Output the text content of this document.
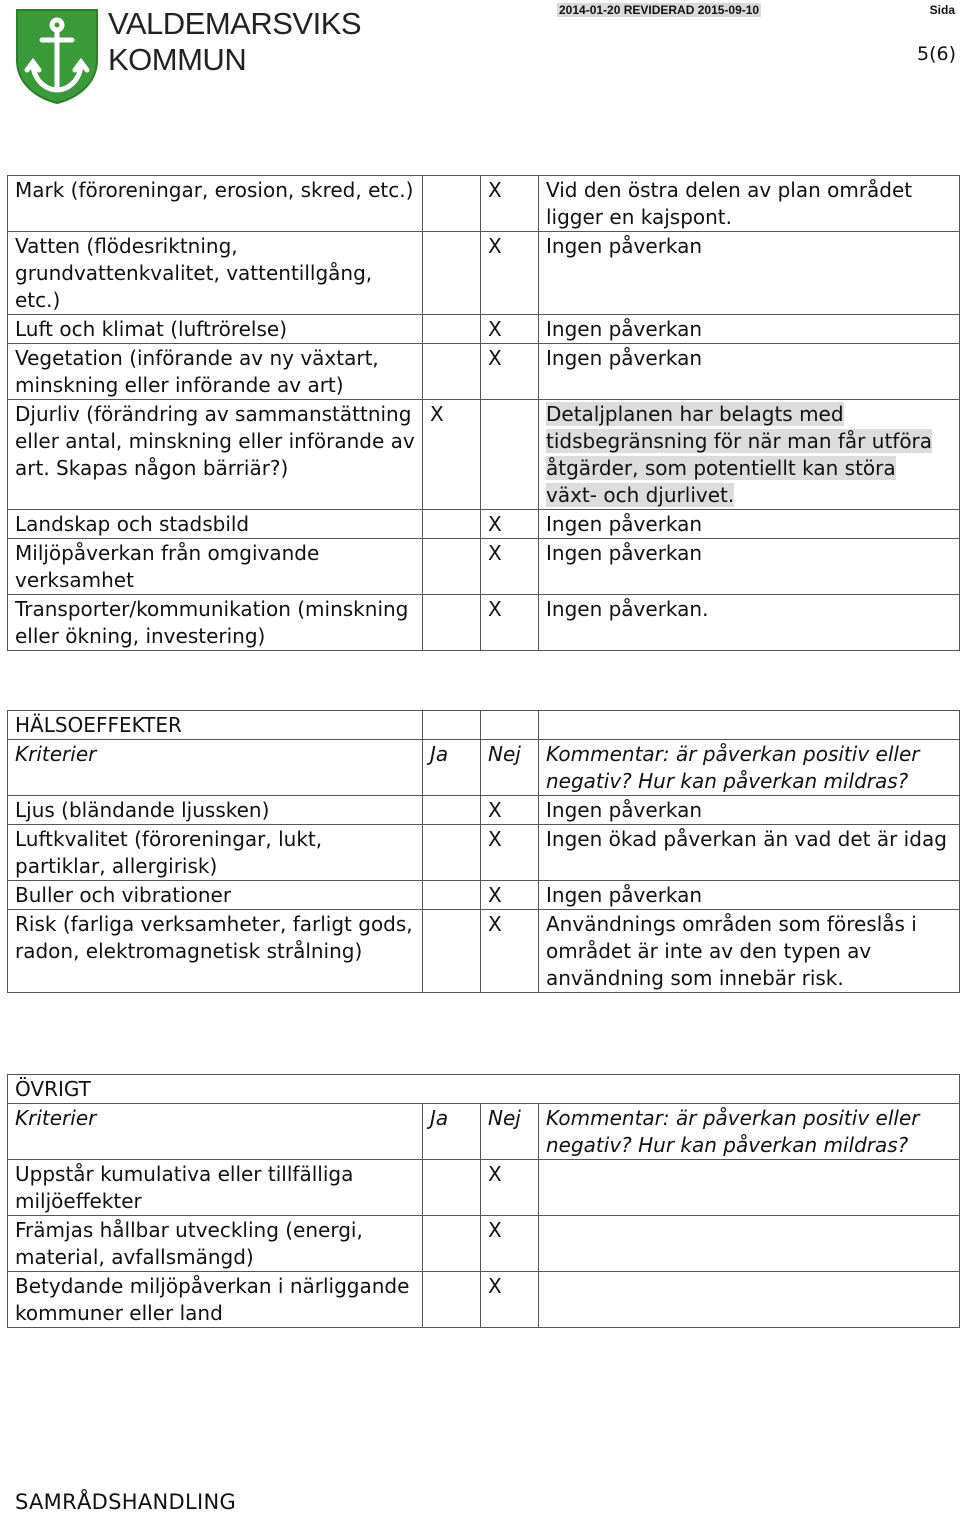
VALDEMARSVIKS
KOMMUN
2014-01-20 REVIDERAD 2015-09-10	Sida
5(6)
Mark (föroreningar, erosion, skred, etc.)		X	Vid den östra delen av plan området ligger en kajspont.
Vatten (flödesriktning, grundvattenkvalitet, vattentillgång, etc.)		X	Ingen påverkan
Luft och klimat (luftrörelse)		X	Ingen påverkan
Vegetation (införande av ny växtart, minskning eller införande av art)		X	Ingen påverkan
Djurliv (förändring av sammanstättning eller antal, minskning eller införande av art. Skapas någon bärriär?)	X		Detaljplanen har belagts med tidsbegränsning för när man får utföra åtgärder, som potentiellt kan störa växt- och djurlivet.
Landskap och stadsbild		X	Ingen påverkan
Miljöpåverkan från omgivande verksamhet		X	Ingen påverkan
Transporter/kommunikation (minskning eller ökning, investering)		X	Ingen påverkan.
HÄLSOEFFEKTER			
Kriterier	Ja	Nej	Kommentar: är påverkan positiv eller negativ? Hur kan påverkan mildras?
Ljus (bländande ljussken)		X	Ingen påverkan
Luftkvalitet (föroreningar, lukt, partiklar, allergirisk)		X	Ingen ökad påverkan än vad det är idag
Buller och vibrationer		X	Ingen påverkan
Risk (farliga verksamheter, farligt gods, radon, elektromagnetisk strålning)		X	Användnings områden som föreslås i området är inte av den typen av användning som innebär risk.
ÖVRIGT			
Kriterier	Ja	Nej	Kommentar: är påverkan positiv eller negativ? Hur kan påverkan mildras?
Uppstår kumulativa eller tillfälliga miljöeffekter		X	
Främjas hållbar utveckling (energi, material, avfallsmängd)		X	
Betydande miljöpåverkan i närliggande kommuner eller land		X	
SAMRÅDSHANDLING
